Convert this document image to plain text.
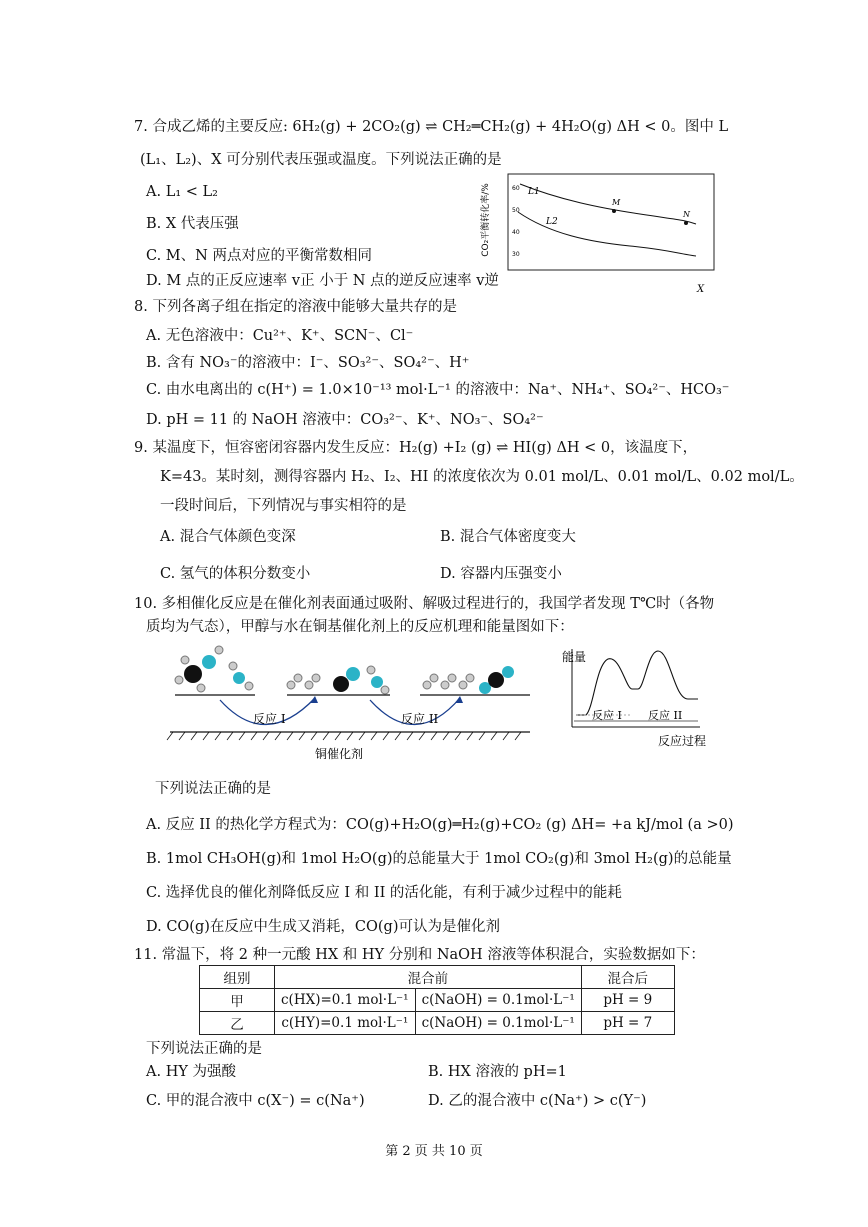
7. 合成乙烯的主要反应: 6H₂(g) + 2CO₂(g) ⇌ CH₂═CH₂(g) + 4H₂O(g) ΔH < 0。图中 L
(L₁、L₂)、X 可分别代表压强或温度。下列说法正确的是
A. L₁ < L₂
B. X 代表压强
C. M、N 两点对应的平衡常数相同
D. M 点的正反应速率 v正 小于 N 点的逆反应速率 v逆
CO₂平衡转化率/%	60
50
40
30
L1
L2
M
N
X
8. 下列各离子组在指定的溶液中能够大量共存的是
A. 无色溶液中：Cu²⁺、K⁺、SCN⁻、Cl⁻
B. 含有 NO₃⁻的溶液中：I⁻、SO₃²⁻、SO₄²⁻、H⁺
C. 由水电离出的 c(H⁺) = 1.0×10⁻¹³ mol·L⁻¹ 的溶液中：Na⁺、NH₄⁺、SO₄²⁻、HCO₃⁻
D. pH = 11 的 NaOH 溶液中：CO₃²⁻、K⁺、NO₃⁻、SO₄²⁻
9. 某温度下，恒容密闭容器内发生反应：H₂(g) +I₂ (g) ⇌ HI(g) ΔH < 0，该温度下，
K=43。某时刻，测得容器内 H₂、I₂、HI 的浓度依次为 0.01 mol/L、0.01 mol/L、0.02 mol/L。
一段时间后，下列情况与事实相符的是
A. 混合气体颜色变深	B. 混合气体密度变大
C. 氢气的体积分数变小	D. 容器内压强变小
10. 多相催化反应是在催化剂表面通过吸附、解吸过程进行的，我国学者发现 T℃时（各物
质均为气态），甲醇与水在铜基催化剂上的反应机理和能量图如下：
反应 I	反应 II
铜催化剂
能量
反应 I 反应 II
反应过程
下列说法正确的是
A. 反应 II 的热化学方程式为：CO(g)+H₂O(g)═H₂(g)+CO₂ (g) ΔH= +a kJ/mol (a >0)
B. 1mol CH₃OH(g)和 1mol H₂O(g)的总能量大于 1mol CO₂(g)和 3mol H₂(g)的总能量
C. 选择优良的催化剂降低反应 I 和 II 的活化能，有利于减少过程中的能耗
D. CO(g)在反应中生成又消耗，CO(g)可认为是催化剂
11. 常温下，将 2 种一元酸 HX 和 HY 分别和 NaOH 溶液等体积混合，实验数据如下：
组别	混合前		混合后
甲	c(HX)=0.1 mol·L⁻¹	c(NaOH) = 0.1mol·L⁻¹	pH = 9
乙	c(HY)=0.1 mol·L⁻¹	c(NaOH) = 0.1mol·L⁻¹	pH = 7
下列说法正确的是
A. HY 为强酸	B. HX 溶液的 pH=1
C. 甲的混合液中 c(X⁻) = c(Na⁺)	D. 乙的混合液中 c(Na⁺) > c(Y⁻)
第 2 页 共 10 页
